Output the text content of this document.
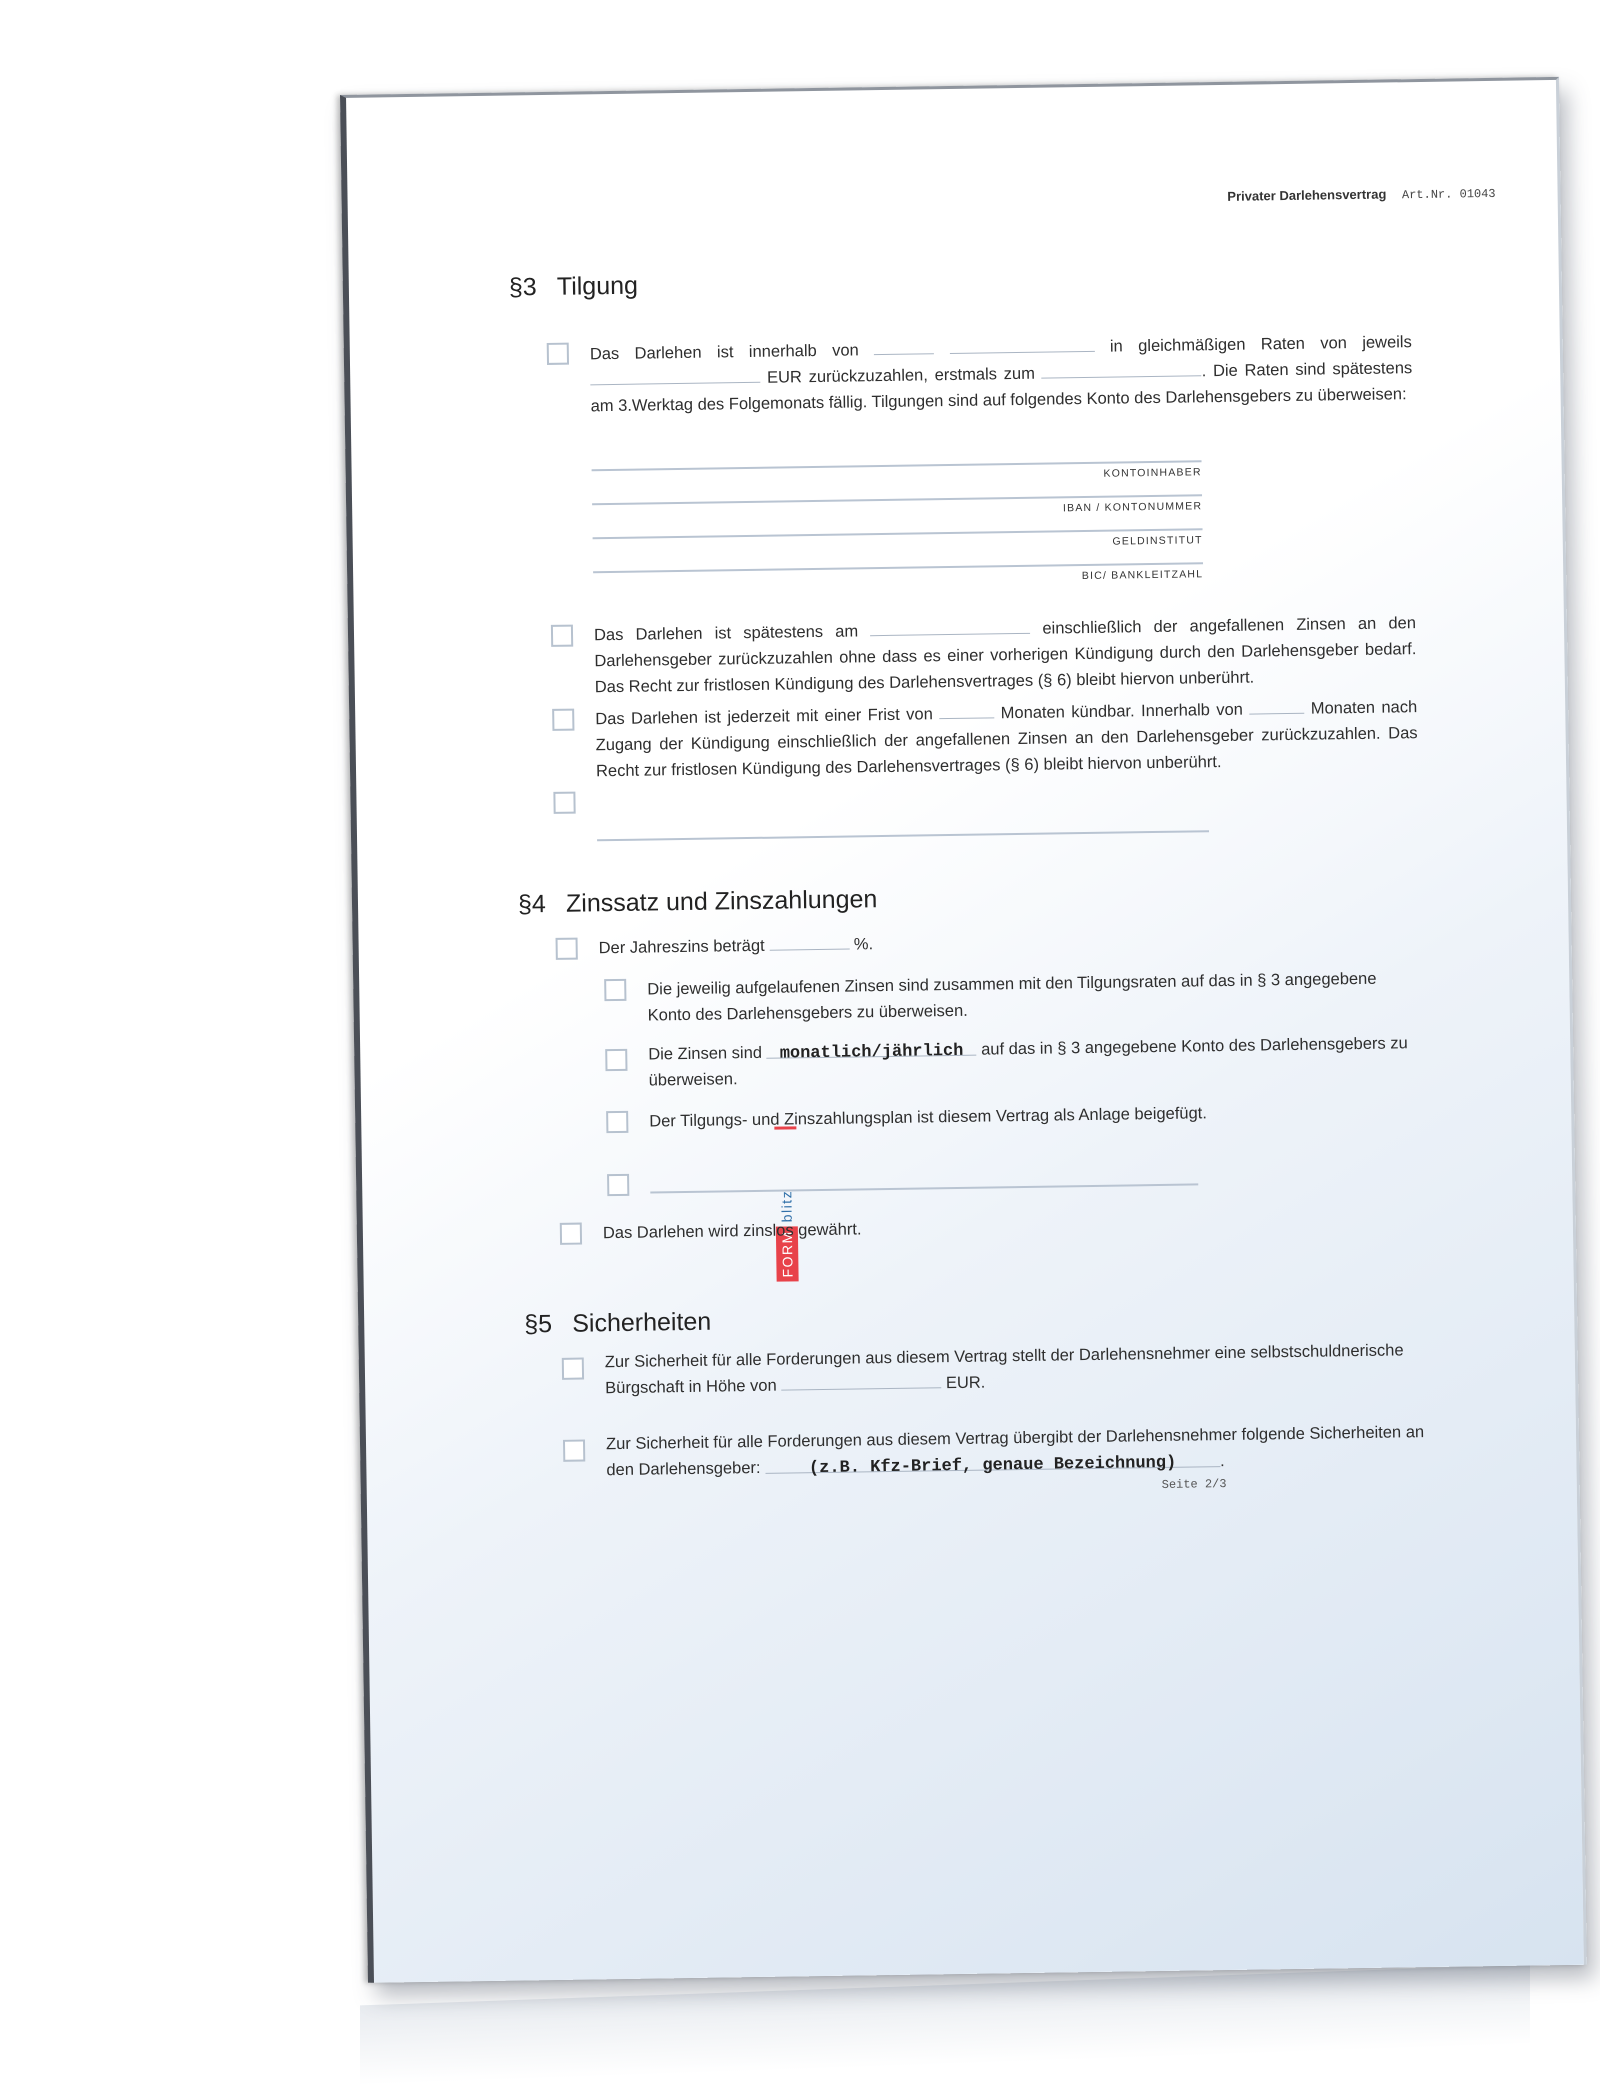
Privater Darlehensvertrag Art.Nr. 01043
§3 Tilgung
Das Darlehen ist innerhalb von	in gleichmäßigen Raten von jeweils  EUR zurückzuzahlen, erstmals zum	. Die Raten sind spätestens am 3.Werktag des Folgemonats fällig. Tilgungen sind auf folgendes Konto des Darlehensgebers zu überweisen:
KONTOINHABER
IBAN / KONTONUMMER
GELDINSTITUT
BIC/ BANKLEITZAHL
Das Darlehen ist spätestens am	einschließlich der angefallenen Zinsen an den Darlehensgeber zurückzuzahlen ohne dass es einer vorherigen Kündigung durch den Darlehensgeber bedarf. Das Recht zur fristlosen Kündigung des Darlehensvertrages (§ 6) bleibt hiervon unberührt.
Das Darlehen ist jederzeit mit einer Frist von	Monaten kündbar. Innerhalb von	Monaten nach Zugang der Kündigung einschließlich der angefallenen Zinsen an den Darlehensgeber zurückzuzahlen. Das Recht zur fristlosen Kündigung des Darlehensvertrages (§ 6) bleibt hiervon unberührt.
FORM
blitz
§4 Zinssatz und Zinszahlungen
Der Jahreszins beträgt	%.
Die jeweilig aufgelaufenen Zinsen sind zusammen mit den Tilgungsraten auf das in § 3 angegebene Konto des Darlehensgebers zu überweisen.
Die Zinsen sind monatlich/jährlich auf das in § 3 angegebene Konto des Darlehensgebers zu überweisen.
Der Tilgungs- und Zinszahlungsplan ist diesem Vertrag als Anlage beigefügt.
Das Darlehen wird zinslos gewährt.
§5 Sicherheiten
Zur Sicherheit für alle Forderungen aus diesem Vertrag stellt der Darlehensnehmer eine selbstschuldnerische Bürgschaft in Höhe von	EUR.
Zur Sicherheit für alle Forderungen aus diesem Vertrag übergibt der Darlehensnehmer folgende Sicherheiten an den Darlehensgeber:	(z.B. Kfz-Brief, genaue Bezeichnung)	.
Seite 2/3
